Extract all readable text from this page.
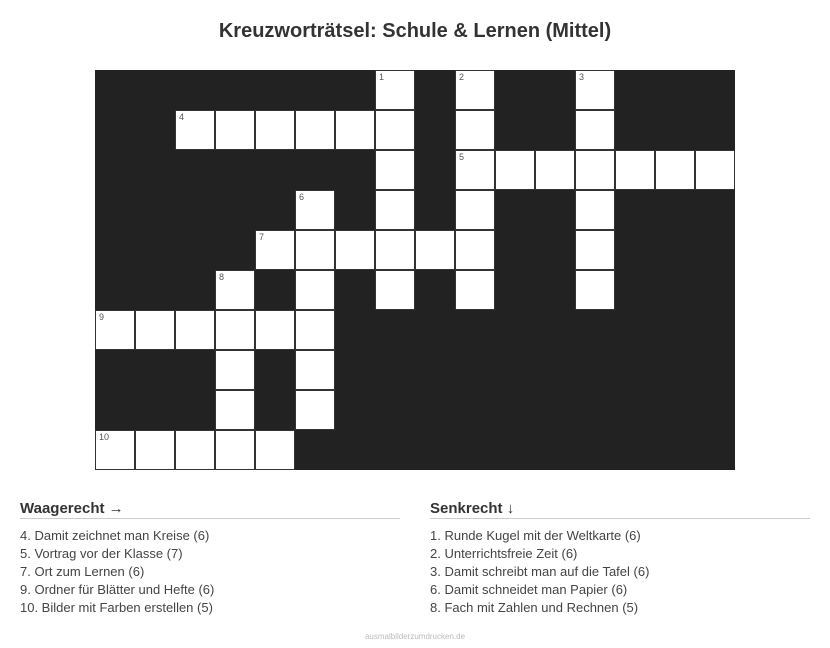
Kreuzworträtsel: Schule & Lernen (Mittel)
1	2	3
4
5
6
7
8
9
10
Waagerecht →
4. Damit zeichnet man Kreise (6)
5. Vortrag vor der Klasse (7)
7. Ort zum Lernen (6)
9. Ordner für Blätter und Hefte (6)
10. Bilder mit Farben erstellen (5)
Senkrecht ↓
1. Runde Kugel mit der Weltkarte (6)
2. Unterrichtsfreie Zeit (6)
3. Damit schreibt man auf die Tafel (6)
6. Damit schneidet man Papier (6)
8. Fach mit Zahlen und Rechnen (5)
ausmalbilderzumdrucken.de
